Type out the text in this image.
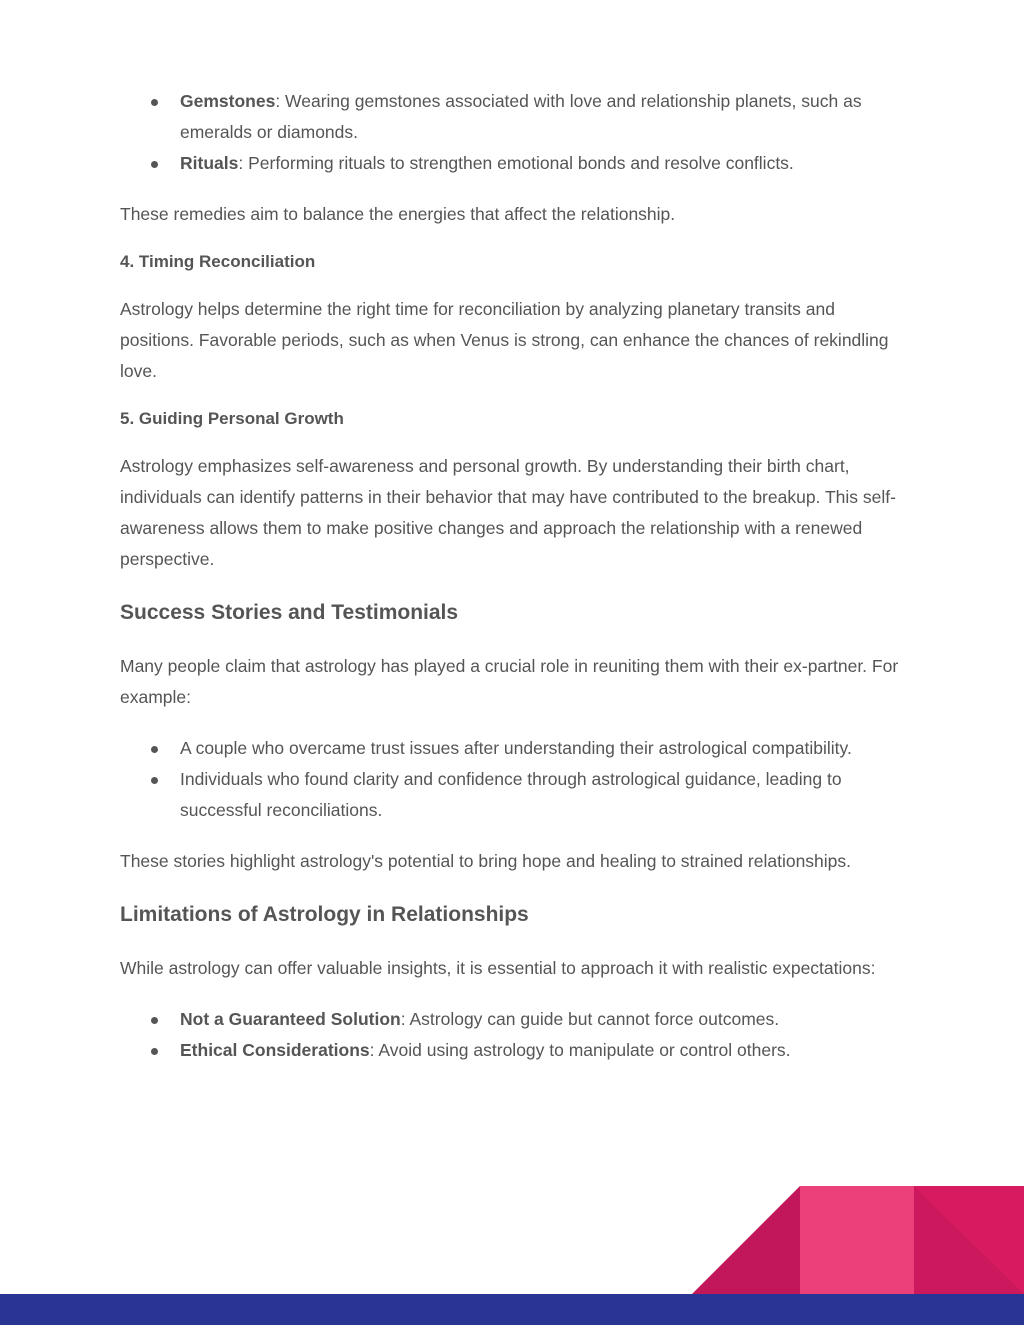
Gemstones: Wearing gemstones associated with love and relationship planets, such as emeralds or diamonds.
Rituals: Performing rituals to strengthen emotional bonds and resolve conflicts.

These remedies aim to balance the energies that affect the relationship.

4. Timing Reconciliation

Astrology helps determine the right time for reconciliation by analyzing planetary transits and positions. Favorable periods, such as when Venus is strong, can enhance the chances of rekindling love.

5. Guiding Personal Growth

Astrology emphasizes self-awareness and personal growth. By understanding their birth chart, individuals can identify patterns in their behavior that may have contributed to the breakup. This self-awareness allows them to make positive changes and approach the relationship with a renewed perspective.

Success Stories and Testimonials

Many people claim that astrology has played a crucial role in reuniting them with their ex-partner. For example:

A couple who overcame trust issues after understanding their astrological compatibility.
Individuals who found clarity and confidence through astrological guidance, leading to successful reconciliations.

These stories highlight astrology's potential to bring hope and healing to strained relationships.

Limitations of Astrology in Relationships

While astrology can offer valuable insights, it is essential to approach it with realistic expectations:

Not a Guaranteed Solution: Astrology can guide but cannot force outcomes.
Ethical Considerations: Avoid using astrology to manipulate or control others.
